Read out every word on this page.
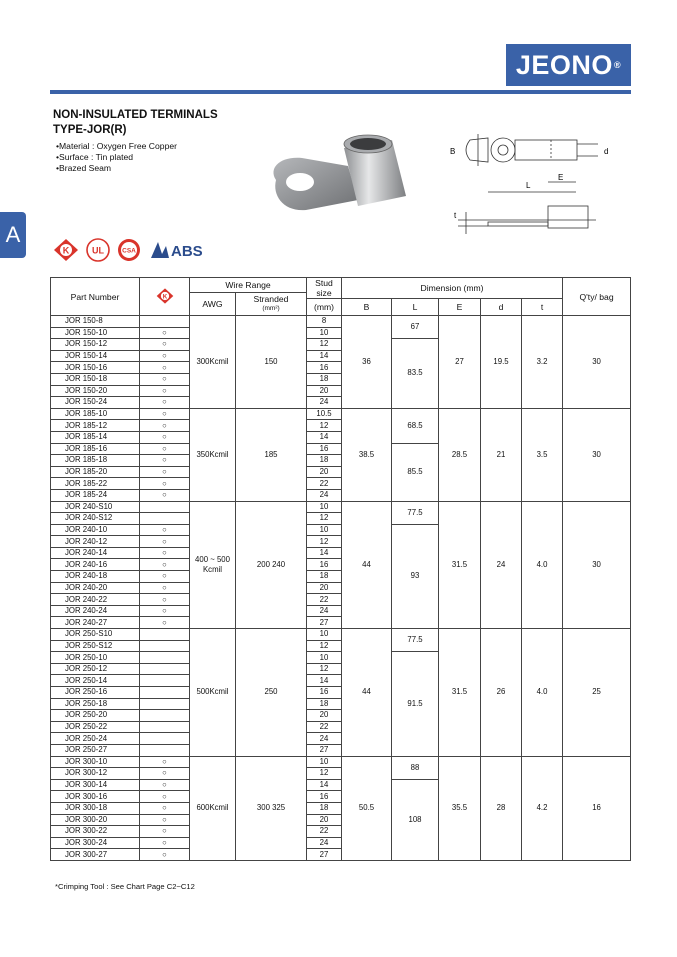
JEONO ®
A
NON-INSULATED TERMINALS
TYPE-JOR(R)
• Material : Oxygen Free Copper
• Surface : Tin plated
• Brazed Seam
B	d
L
E
t
K	UL	CSA ABS
Part Number	K	Wire Range		Stud size	Dimension (mm)					Q'ty/ bag
		AWG	Stranded
(mm²)							

				(mm)	B	L	E	d	t	
JOR 150-8		300Kcmil	150	8	36	67	27	19.5	3.2	30
JOR 150-10	○			10						
JOR 150-12	○			12		83.5				
JOR 150-14	○			14						
JOR 150-16	○			16						
JOR 150-18	○			18						
JOR 150-20	○			20						
JOR 150-24	○			24						
JOR 185-10	○	350Kcmil	185	10.5	38.5	68.5	28.5	21	3.5	30
JOR 185-12	○			12						
JOR 185-14	○			14						
JOR 185-16	○			16		85.5				
JOR 185-18	○			18						
JOR 185-20	○			20						
JOR 185-22	○			22						
JOR 185-24	○			24						
JOR 240-S10		400 ~ 500 Kcmil	200 240	10	44	77.5	31.5	24	4.0	30
JOR 240-S12				12						
JOR 240-10	○			10		93				
JOR 240-12	○			12						
JOR 240-14	○			14						
JOR 240-16	○			16						
JOR 240-18	○			18						
JOR 240-20	○			20						
JOR 240-22	○			22						
JOR 240-24	○			24						
JOR 240-27	○			27						
JOR 250-S10		500Kcmil	250	10	44	77.5	31.5	26	4.0	25
JOR 250-S12				12						
JOR 250-10				10		91.5				
JOR 250-12				12						
JOR 250-14				14						
JOR 250-16				16						
JOR 250-18				18						
JOR 250-20				20						
JOR 250-22				22						
JOR 250-24				24						
JOR 250-27				27						
JOR 300-10	○	600Kcmil	300 325	10	50.5	88	35.5	28	4.2	16
JOR 300-12	○			12						
JOR 300-14	○			14		108				
JOR 300-16	○			16						
JOR 300-18	○			18						
JOR 300-20	○			20						
JOR 300-22	○			22						
JOR 300-24	○			24						
JOR 300-27	○			27						
*Crimping Tool : See Chart Page C2~C12
